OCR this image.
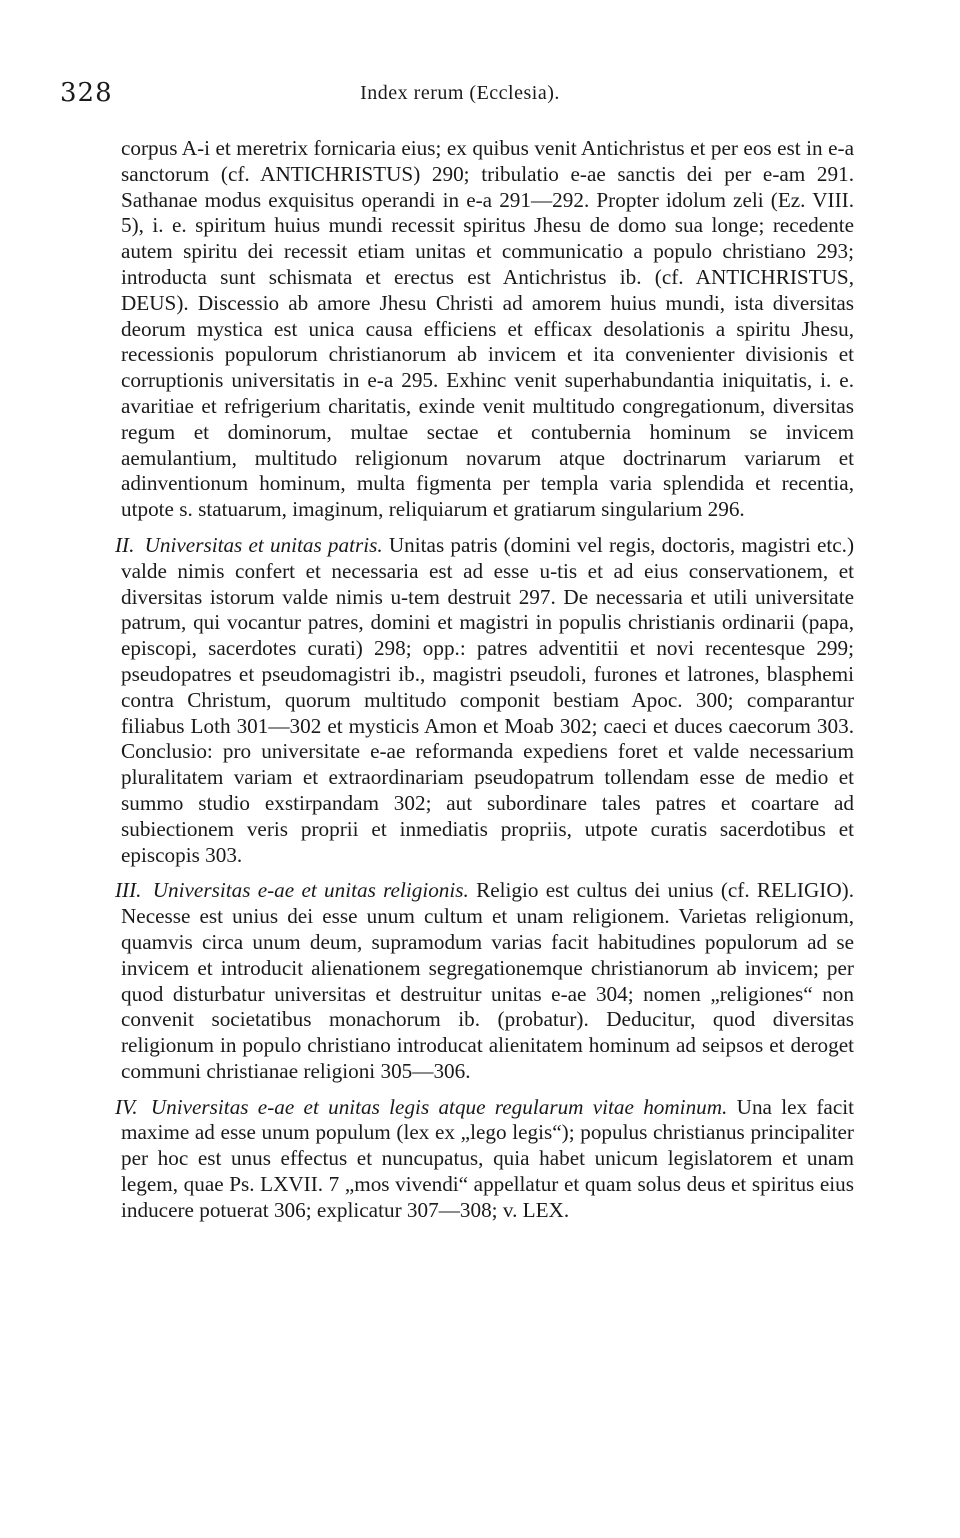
328	Index rerum (Ecclesia).

corpus A-i et meretrix fornicaria eius; ex quibus venit Antichristus et per eos est in e-a sanctorum (cf. ANTICHRISTUS) 290; tribulatio e-ae sanctis dei per e-am 291. Sathanae modus exquisitus operandi in e-a 291—292. Propter idolum zeli (Ez. VIII. 5), i. e. spiritum huius mundi recessit spiritus Jhesu de domo sua longe; recedente autem spiritu dei recessit etiam unitas et communicatio a populo christiano 293; introducta sunt schismata et erectus est Antichristus ib. (cf. ANTICHRISTUS, DEUS). Discessio ab amore Jhesu Christi ad amorem huius mundi, ista diversitas deorum mystica est unica causa efficiens et efficax desolationis a spiritu Jhesu, recessionis populorum christianorum ab invicem et ita convenienter divisionis et corruptionis universitatis in e-a 295. Exhinc venit superhabundantia iniquitatis, i. e. avaritiae et refrigerium charitatis, exinde venit multitudo congregationum, diversitas regum et dominorum, multae sectae et contubernia hominum se invicem aemulantium, multitudo religionum novarum atque doctrinarum variarum et adinventionum hominum, multa figmenta per templa varia splendida et recentia, utpote s. statuarum, imaginum, reliquiarum et gratiarum singularium 296.

II. Universitas et unitas patris. Unitas patris (domini vel regis, doctoris, magistri etc.) valde nimis confert et necessaria est ad esse u-tis et ad eius conservationem, et diversitas istorum valde nimis u-tem destruit 297. De necessaria et utili universitate patrum, qui vocantur patres, domini et magistri in populis christianis ordinarii (papa, episcopi, sacerdotes curati) 298; opp.: patres adventitii et novi recentesque 299; pseudopatres et pseudomagistri ib., magistri pseudoli, furones et latrones, blasphemi contra Christum, quorum multitudo componit bestiam Apoc. 300; comparantur filiabus Loth 301—302 et mysticis Amon et Moab 302; caeci et duces caecorum 303. Conclusio: pro universitate e-ae reformanda expediens foret et valde necessarium pluralitatem variam et extraordinariam pseudopatrum tollendam esse de medio et summo studio exstirpandam 302; aut subordinare tales patres et coartare ad subiectionem veris proprii et inmediatis propriis, utpote curatis sacerdotibus et episcopis 303.

III. Universitas e-ae et unitas religionis. Religio est cultus dei unius (cf. RELIGIO). Necesse est unius dei esse unum cultum et unam religionem. Varietas religionum, quamvis circa unum deum, supramodum varias facit habitudines populorum ad se invicem et introducit alienationem segregationemque christianorum ab invicem; per quod disturbatur universitas et destruitur unitas e-ae 304; nomen „religiones“ non convenit societatibus monachorum ib. (probatur). Deducitur, quod diversitas religionum in populo christiano introducat alienitatem hominum ad seipsos et deroget communi christianae religioni 305—306.

IV. Universitas e-ae et unitas legis atque regularum vitae hominum. Una lex facit maxime ad esse unum populum (lex ex „lego legis“); populus christianus principaliter per hoc est unus effectus et nuncupatus, quia habet unicum legislatorem et unam legem, quae Ps. LXVII. 7 „mos vivendi“ appellatur et quam solus deus et spiritus eius inducere potuerat 306; explicatur 307—308; v. LEX.
